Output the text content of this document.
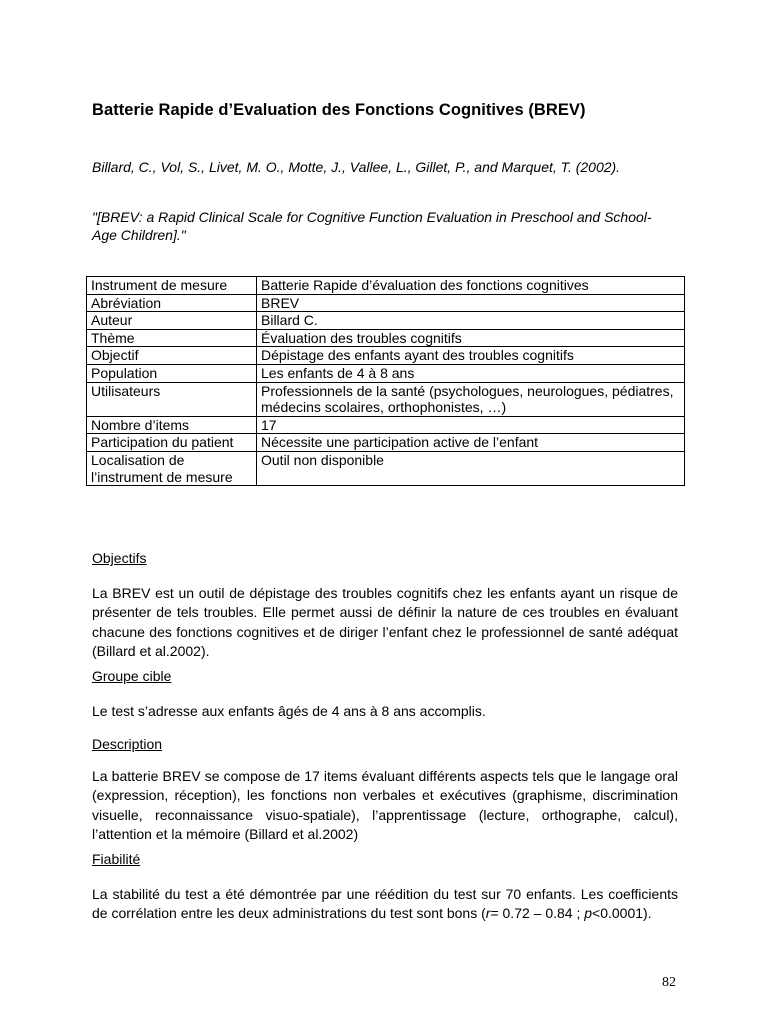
Batterie Rapide d’Evaluation des Fonctions Cognitives (BREV)
Billard, C., Vol, S., Livet, M. O., Motte, J., Vallee, L., Gillet, P., and Marquet, T. (2002).
"[BREV: a Rapid Clinical Scale for Cognitive Function Evaluation in Preschool and School-Age Children]."
Instrument de mesure	Batterie Rapide d’évaluation des fonctions cognitives
Abréviation	BREV
Auteur	Billard C.
Thème	Évaluation des troubles cognitifs
Objectif	Dépistage des enfants ayant des troubles cognitifs
Population	Les enfants de 4 à 8 ans
Utilisateurs	Professionnels de la santé (psychologues, neurologues, pédiatres, médecins scolaires, orthophonistes, …)
Nombre d’items	17
Participation du patient	Nécessite une participation active de l’enfant
Localisation de l’instrument de mesure	Outil non disponible
Objectifs
La BREV est un outil de dépistage des troubles cognitifs chez les enfants ayant un risque de présenter de tels troubles. Elle permet aussi de définir la nature de ces troubles en évaluant chacune des fonctions cognitives et de diriger l’enfant chez le professionnel de santé adéquat (Billard et al.2002).
Groupe cible
Le test s’adresse aux enfants âgés de 4 ans à 8 ans accomplis.
Description
La batterie BREV se compose de 17 items évaluant différents aspects tels que le langage oral (expression, réception), les fonctions non verbales et exécutives (graphisme, discrimination visuelle, reconnaissance visuo-spatiale), l’apprentissage (lecture, orthographe, calcul), l’attention et la mémoire (Billard et al.2002)
Fiabilité
La stabilité du test a été démontrée par une réédition du test sur 70 enfants. Les coefficients de corrélation entre les deux administrations du test sont bons (r= 0.72 – 0.84 ; p<0.0001).
82
